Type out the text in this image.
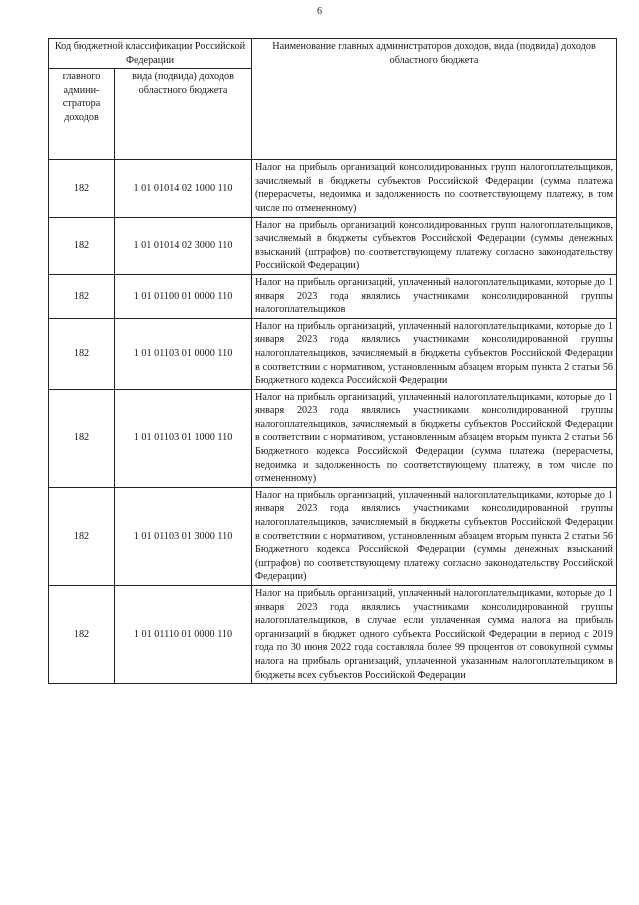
6
Код бюджетной классификации Российской Федерации		Наименование главных администраторов доходов, вида (подвида) доходов областного бюджета
главного админи-стратора доходов	вида (подвида) доходов областного бюджета	
182	1 01 01014 02 1000 110	Налог на прибыль организаций консолидированных групп налогоплательщиков, зачисляемый в бюджеты субъектов Российской Федерации (сумма платежа (перерасчеты, недоимка и задолженность по соответствующему платежу, в том числе по отмененному)
182	1 01 01014 02 3000 110	Налог на прибыль организаций консолидированных групп налогоплательщиков, зачисляемый в бюджеты субъектов Российской Федерации (суммы денежных взысканий (штрафов) по соответствующему платежу согласно законодательству Российской Федерации)
182	1 01 01100 01 0000 110	Налог на прибыль организаций, уплаченный налогоплательщиками, которые до 1 января 2023 года являлись участниками консолидированной группы налогоплательщиков
182	1 01 01103 01 0000 110	Налог на прибыль организаций, уплаченный налогоплательщиками, которые до 1 января 2023 года являлись участниками консолидированной группы налогоплательщиков, зачисляемый в бюджеты субъектов Российской Федерации в соответствии с нормативом, установленным абзацем вторым пункта 2 статьи 56 Бюджетного кодекса Российской Федерации
182	1 01 01103 01 1000 110	Налог на прибыль организаций, уплаченный налогоплательщиками, которые до 1 января 2023 года являлись участниками консолидированной группы налогоплательщиков, зачисляемый в бюджеты субъектов Российской Федерации в соответствии с нормативом, установленным абзацем вторым пункта 2 статьи 56 Бюджетного кодекса Российской Федерации (сумма платежа (перерасчеты, недоимка и задолженность по соответствующему платежу, в том числе по отмененному)
182	1 01 01103 01 3000 110	Налог на прибыль организаций, уплаченный налогоплательщиками, которые до 1 января 2023 года являлись участниками консолидированной группы налогоплательщиков, зачисляемый в бюджеты субъектов Российской Федерации в соответствии с нормативом, установленным абзацем вторым пункта 2 статьи 56 Бюджетного кодекса Российской Федерации (суммы денежных взысканий (штрафов) по соответствующему платежу согласно законодательству Российской Федерации)
182	1 01 01110 01 0000 110	Налог на прибыль организаций, уплаченный налогоплательщиками, которые до 1 января 2023 года являлись участниками консолидированной группы налогоплательщиков, в случае если уплаченная сумма налога на прибыль организаций в бюджет одного субъекта Российской Федерации в период с 2019 года по 30 июня 2022 года составляла более 99 процентов от совокупной суммы налога на прибыль организаций, уплаченной указанным налогоплательщиком в бюджеты всех субъектов Российской Федерации
